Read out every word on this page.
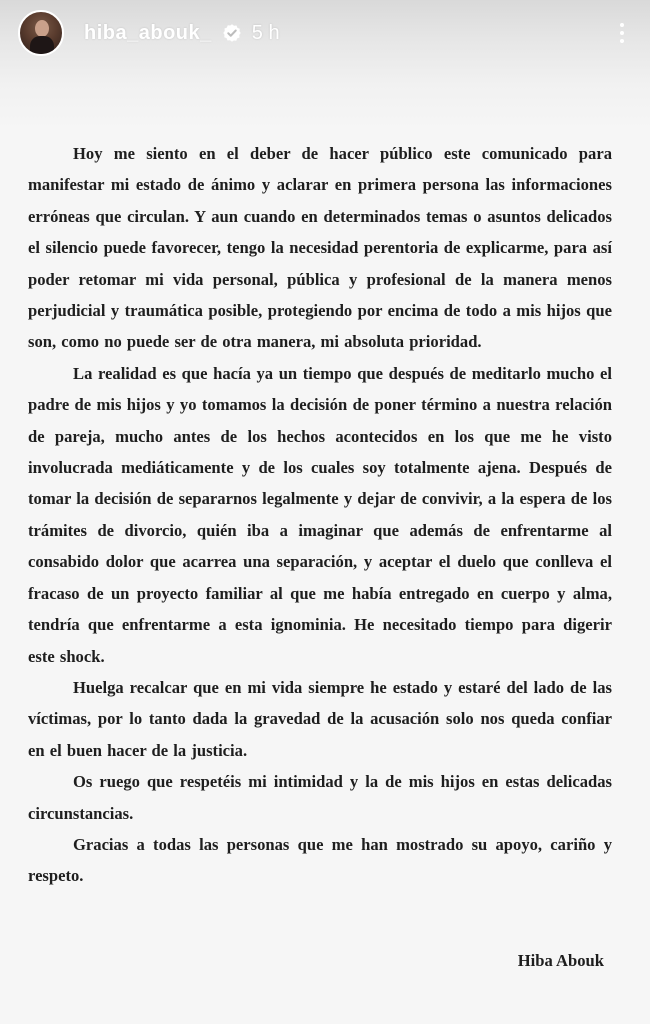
hiba_abouk_ 5 h

Hoy me siento en el deber de hacer público este comunicado para manifestar mi estado de ánimo y aclarar en primera persona las informaciones erróneas que circulan. Y aun cuando en determinados temas o asuntos delicados el silencio puede favorecer, tengo la necesidad perentoria de explicarme, para así poder retomar mi vida personal, pública y profesional de la manera menos perjudicial y traumática posible, protegiendo por encima de todo a mis hijos que son, como no puede ser de otra manera, mi absoluta prioridad.

La realidad es que hacía ya un tiempo que después de meditarlo mucho el padre de mis hijos y yo tomamos la decisión de poner término a nuestra relación de pareja, mucho antes de los hechos acontecidos en los que me he visto involucrada mediáticamente y de los cuales soy totalmente ajena. Después de tomar la decisión de separarnos legalmente y dejar de convivir, a la espera de los trámites de divorcio, quién iba a imaginar que además de enfrentarme al consabido dolor que acarrea una separación, y aceptar el duelo que conlleva el fracaso de un proyecto familiar al que me había entregado en cuerpo y alma, tendría que enfrentarme a esta ignominia. He necesitado tiempo para digerir este shock.

Huelga recalcar que en mi vida siempre he estado y estaré del lado de las víctimas, por lo tanto dada la gravedad de la acusación solo nos queda confiar en el buen hacer de la justicia.

Os ruego que respetéis mi intimidad y la de mis hijos en estas delicadas circunstancias.

Gracias a todas las personas que me han mostrado su apoyo, cariño y respeto.

Hiba Abouk
